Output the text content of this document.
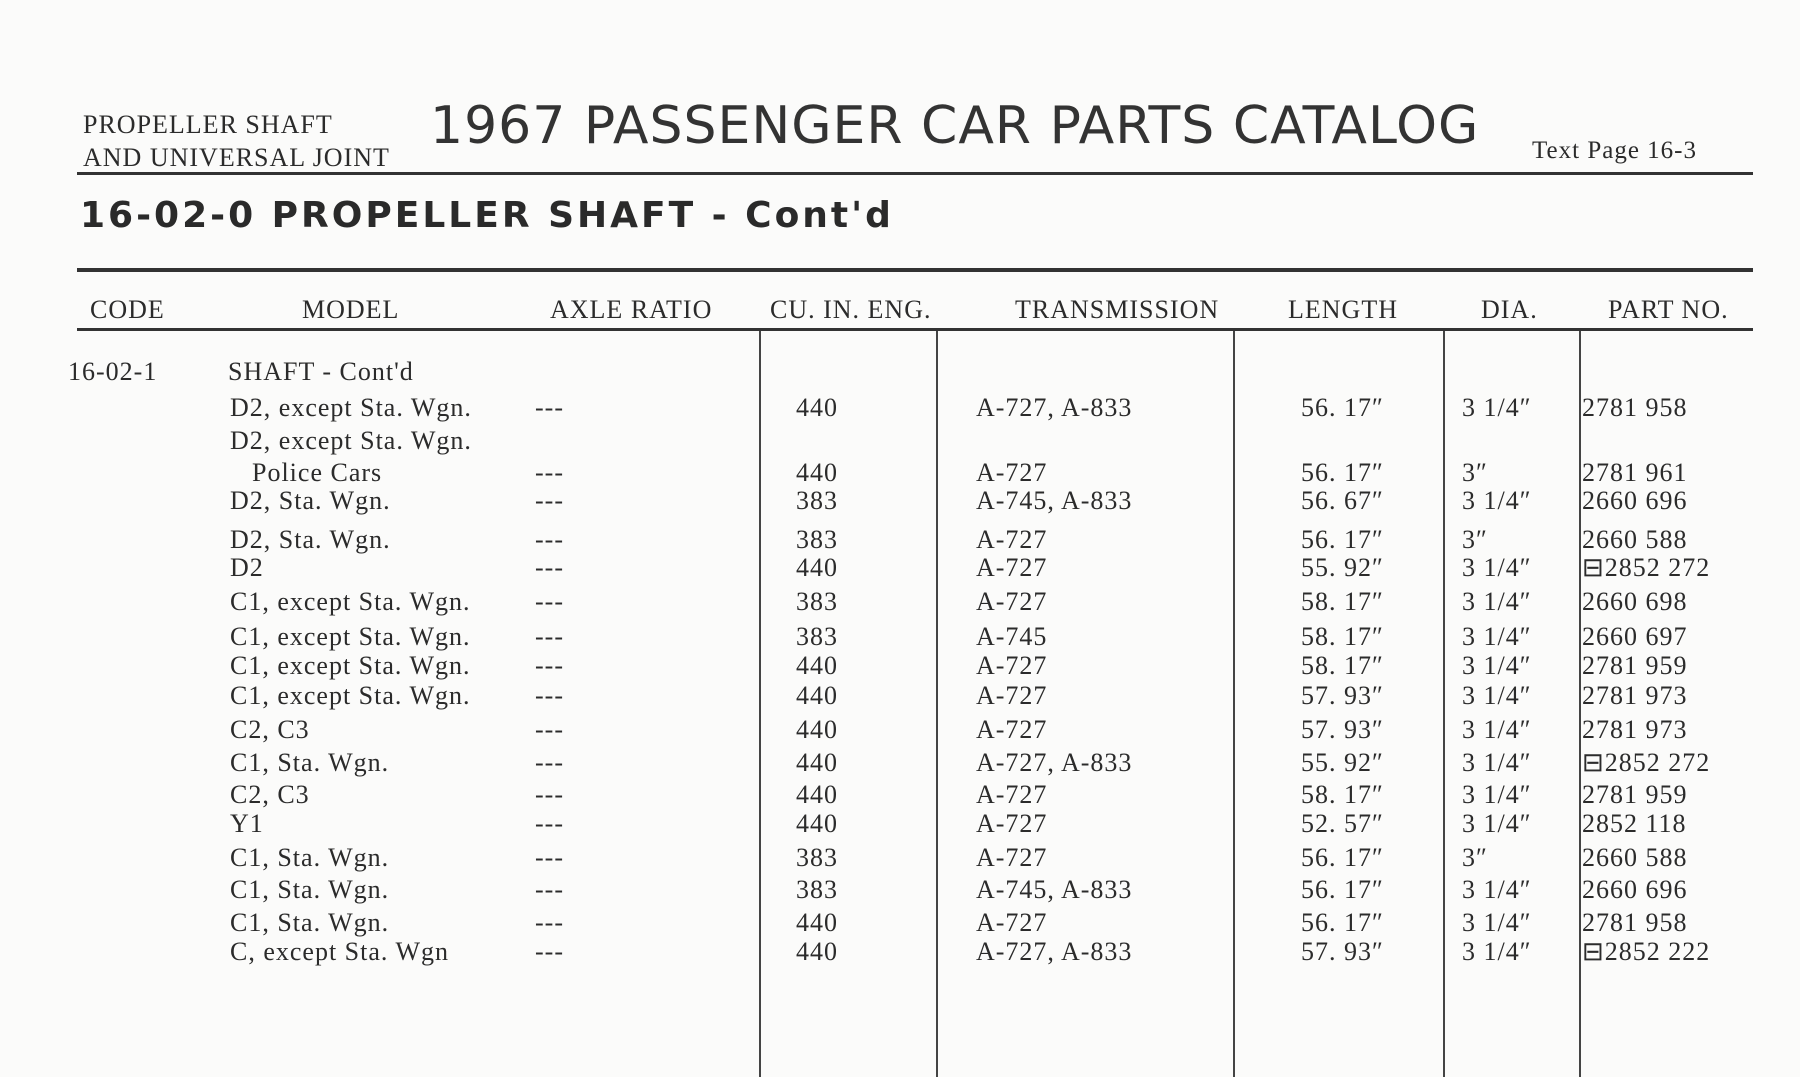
PROPELLER SHAFT
AND UNIVERSAL JOINT
1967 PASSENGER CAR PARTS CATALOG Text Page 16-3
16-02-0 PROPELLER SHAFT - Cont'd
CODE	MODEL	AXLE RATIO CU. IN. ENG.	TRANSMISSION	LENGTH	DIA.	PART NO.
16-02-1	SHAFT - Cont'd
D2, except Sta. Wgn. ---	440	A-727, A-833	56. 17″	3 1/4″ 2781 958
D2, except Sta. Wgn.
Police Cars	---	440	A-727	56. 17″	3″	2781 961
D2, Sta. Wgn.	---	383	A-745, A-833	56. 67″	3 1/4″ 2660 696
D2, Sta. Wgn.	---	383	A-727	56. 17″	3″	2660 588
D2	---	440	A-727	55. 92″	3 1/4″ ⊟2852 272
C1, except Sta. Wgn. ---	383	A-727	58. 17″	3 1/4″ 2660 698
C1, except Sta. Wgn. ---	383	A-745	58. 17″	3 1/4″ 2660 697
C1, except Sta. Wgn. ---	440	A-727	58. 17″	3 1/4″ 2781 959
C1, except Sta. Wgn. ---	440	A-727	57. 93″	3 1/4″ 2781 973
C2, C3	---	440	A-727	57. 93″	3 1/4″ 2781 973
C1, Sta. Wgn.	---	440	A-727, A-833	55. 92″	3 1/4″ ⊟2852 272
C2, C3	---	440	A-727	58. 17″	3 1/4″ 2781 959
Y1	---	440	A-727	52. 57″	3 1/4″ 2852 118
C1, Sta. Wgn.	---	383	A-727	56. 17″	3″	2660 588
C1, Sta. Wgn.	---	383	A-745, A-833	56. 17″	3 1/4″ 2660 696
C1, Sta. Wgn.	---	440	A-727	56. 17″	3 1/4″ 2781 958
C, except Sta. Wgn	---	440	A-727, A-833	57. 93″	3 1/4″ ⊟2852 222
